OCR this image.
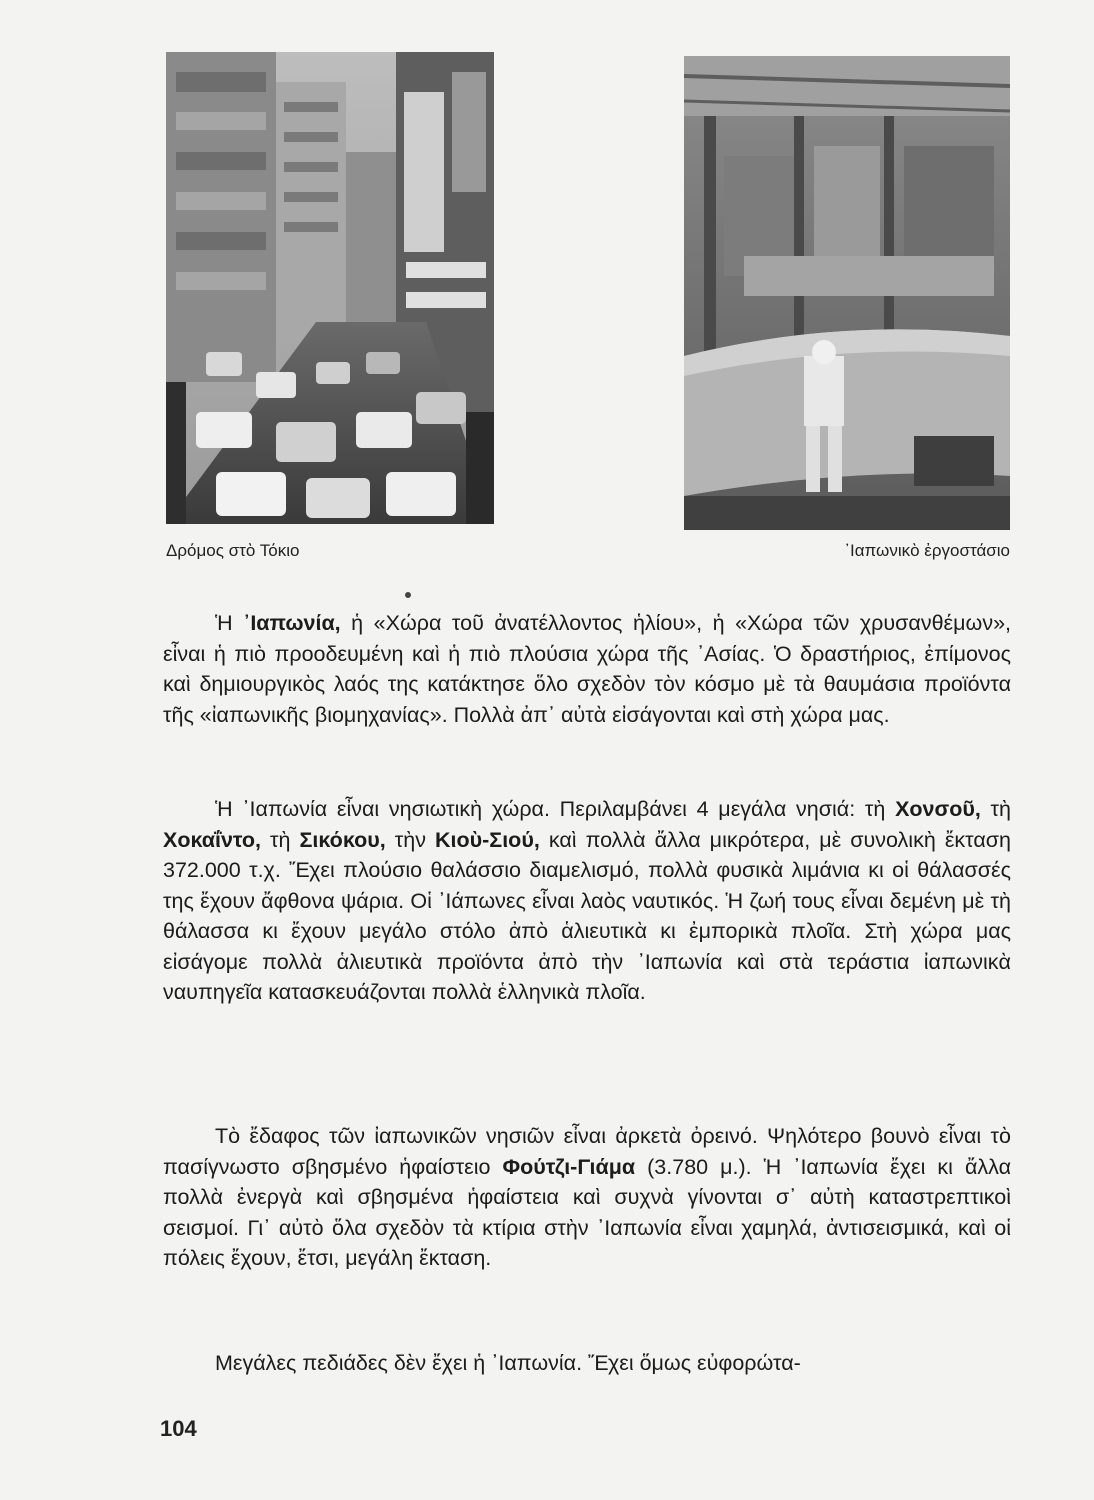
Δρόμος στὸ Τόκιο	᾿Ιαπωνικὸ ἐργοστάσιο

Ἡ ᾿Ιαπωνία, ἡ «Χώρα τοῦ ἀνατέλλοντος ἡλίου», ἡ «Χώρα τῶν χρυσανθέμων», εἶναι ἡ πιὸ προοδευμένη καὶ ἡ πιὸ πλούσια χώρα τῆς ᾿Ασίας. Ὁ δραστήριος, ἐπίμονος καὶ δημιουργικὸς λαός της κατάκτησε ὅλο σχεδὸν τὸν κόσμο μὲ τὰ θαυμάσια προϊόντα τῆς «ἰαπωνικῆς βιομηχανίας». Πολλὰ ἀπ᾿ αὐτὰ εἰσάγονται καὶ στὴ χώρα μας.

Ἡ ᾿Ιαπωνία εἶναι νησιωτικὴ χώρα. Περιλαμβάνει 4 μεγάλα νησιά: τὴ Χονσοῦ, τὴ Χοκαΐντο, τὴ Σικόκου, τὴν Κιοὺ-Σιού, καὶ πολλὰ ἄλλα μικρότερα, μὲ συνολικὴ ἔκταση 372.000 τ.χ. Ἔχει πλούσιο θαλάσσιο διαμελισμό, πολλὰ φυσικὰ λιμάνια κι οἱ θάλασσές της ἔχουν ἄφθονα ψάρια. Οἱ ᾿Ιάπωνες εἶναι λαὸς ναυτικός. Ἡ ζωή τους εἶναι δεμένη μὲ τὴ θάλασσα κι ἔχουν μεγάλο στόλο ἀπὸ ἁλιευτικὰ κι ἐμπορικὰ πλοῖα. Στὴ χώρα μας εἰσάγομε πολλὰ ἁλιευτικὰ προϊόντα ἀπὸ τὴν ᾿Ιαπωνία καὶ στὰ τεράστια ἰαπωνικὰ ναυπηγεῖα κατασκευάζονται πολλὰ ἑλληνικὰ πλοῖα.

Τὸ ἔδαφος τῶν ἰαπωνικῶν νησιῶν εἶναι ἀρκετὰ ὀρεινό. Ψηλότερο βουνὸ εἶναι τὸ πασίγνωστο σβησμένο ἡφαίστειο Φούτζι-Γιάμα (3.780 μ.). Ἡ ᾿Ιαπωνία ἔχει κι ἄλλα πολλὰ ἐνεργὰ καὶ σβησμένα ἡφαίστεια καὶ συχνὰ γίνονται σ᾿ αὐτὴ καταστρεπτικοὶ σεισμοί. Γι᾿ αὐτὸ ὅλα σχεδὸν τὰ κτίρια στὴν ᾿Ιαπωνία εἶναι χαμηλά, ἀντισεισμικά, καὶ οἱ πόλεις ἔχουν, ἔτσι, μεγάλη ἔκταση.

Μεγάλες πεδιάδες δὲν ἔχει ἡ ᾿Ιαπωνία. Ἔχει ὅμως εὐφορώτα-

104
